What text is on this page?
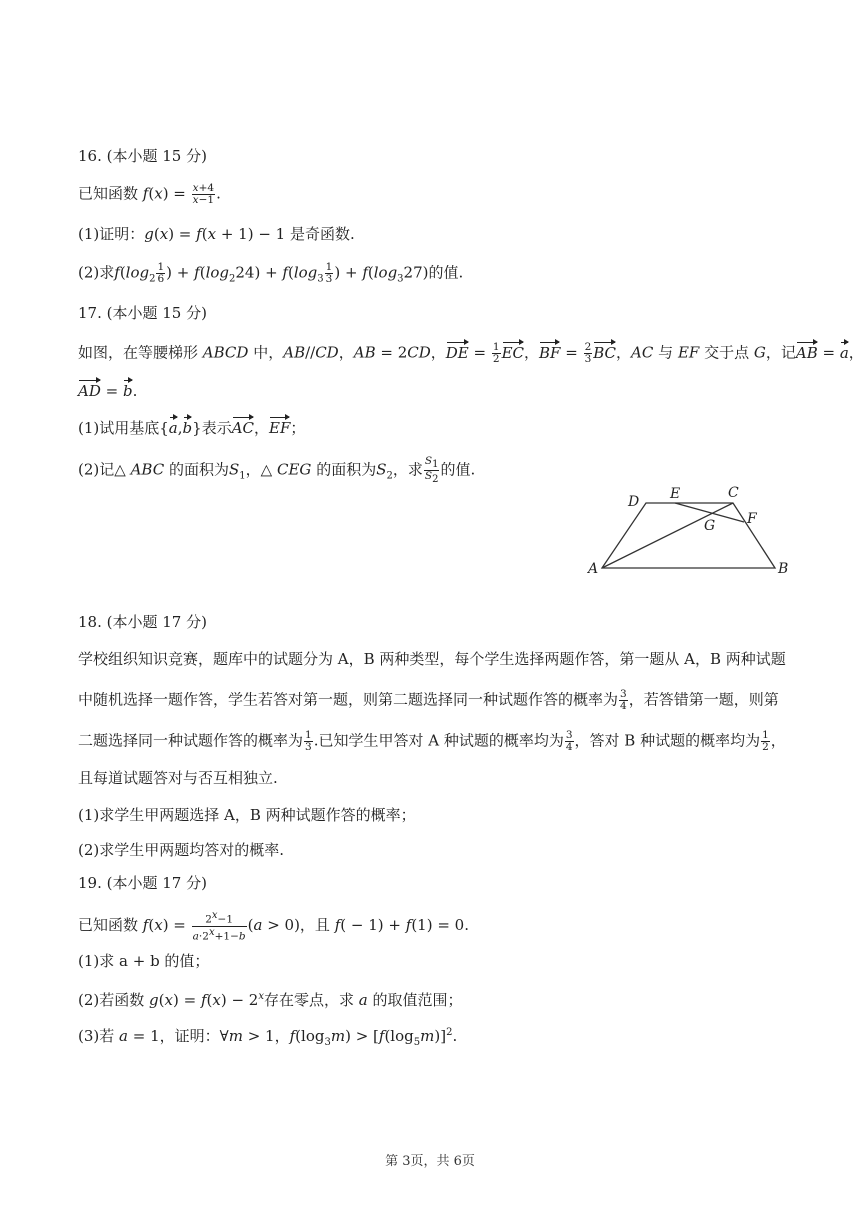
16. (本小题 15 分)
已知函数 $f(x) = \frac{x+4}{x-1}$ .
(1)证明：g(x) = f(x + 1) − 1 是奇函数.
(2)求$f(\log_2 \frac{1}{6}$ ) + $f(\log_224) + f(\log_3 \frac{1}{3}$ ) + $f(\log_327)$的值.
17. (本小题 15 分)
如图，在等腰梯形 ABCD 中，AB//CD，AB = 2CD，DE = $\frac{1}{2}$ EC，BF = $\frac{2}{3}$ BC，AC 与 EF 交于点 G，记AB = a，
AD = b.
(1)试用基底{a,b}表示AC，EF；
(2)记△ ABC 的面积为$S_1$，△ CEG 的面积为$S_2$，求 $\frac{S_1}{S_2}$ 的值.
A	B
C
D E
F
G
18. (本小题 17 分)
学校组织知识竞赛，题库中的试题分为 A，B 两种类型，每个学生选择两题作答，第一题从 A，B 两种试题
中随机选择一题作答，学生若答对第一题，则第二题选择同一种试题作答的概率为 $\frac{3}{4}$ ，若答错第一题，则第
二题选择同一种试题作答的概率为 $\frac{1}{3}$ .已知学生甲答对 A 种试题的概率均为 $\frac{3}{4}$ ，答对 B 种试题的概率均为 $\frac{1}{2}$ ，
且每道试题答对与否互相独立.
(1)求学生甲两题选择 A，B 两种试题作答的概率；
(2)求学生甲两题均答对的概率.
19. (本小题 17 分)
已知函数 $f(x) = \frac{2^x-1}{a\cdot 2^x+1-b} (a > 0)$，且 f( − 1) + f(1) = 0.
(1)求 a + b 的值；
(2)若函数 $g(x) = f(x) - 2^x$存在零点，求 a 的取值范围；
(3)若 a = 1，证明：∀m > 1，$f(\log_3m) > [f(\log_5m)]^2$.
第 3页，共 6页
